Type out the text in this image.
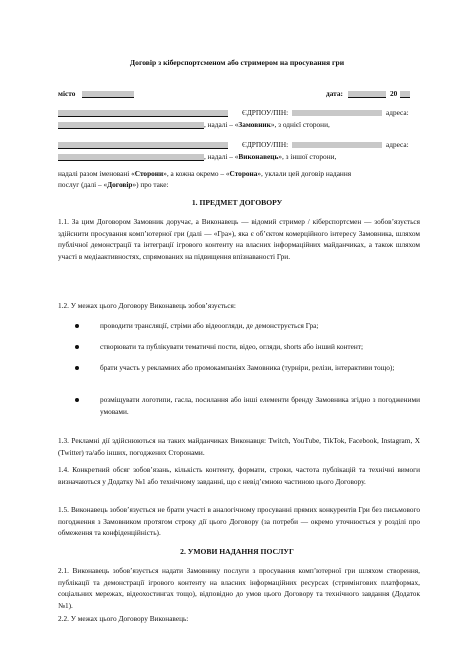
Договір з кіберспортсменом або стримером на просування гри
місто	дата:	20
ЄДРПОУ/ПІН:	адреса:
, надалі – «Замовник», з однієї сторони,
ЄДРПОУ/ПІН:	адреса:
, надалі – «Виконавець», з іншої сторони,
надалі разом іменовані «Сторони», а кожна окремо – «Сторона», уклали цей договір надання
послуг (далі – «Договір») про таке:
1. ПРЕДМЕТ ДОГОВОРУ
1.1. За цим Договором Замовник доручає, а Виконавець — відомий стример / кіберспортсмен — зобов’язується здійснити просування комп’ютерної гри (далі — «Гра»), яка є об’єктом комерційного інтересу Замовника, шляхом публічної демонстрації та інтеграції ігрового контенту на власних інформаційних майданчиках, а також шляхом участі в медіаактивностях, спрямованих на підвищення впізнаваності Гри.
1.2. У межах цього Договору Виконавець зобов’язується:
проводити трансляції, стріми або відеоогляди, де демонструється Гра;
створювати та публікувати тематичні пости, відео, огляди, shorts або інший контент;
брати участь у рекламних або промокампаніях Замовника (турніри, релізи, інтерактиви тощо);
розміщувати логотипи, гасла, посилання або інші елементи бренду Замовника згідно з погодженими умовами.
1.3. Рекламні дії здійснюються на таких майданчиках Виконавця: Twitch, YouTube, TikTok, Facebook, Instagram, X (Twitter) та/або інших, погоджених Сторонами.
1.4. Конкретний обсяг зобов’язань, кількість контенту, формати, строки, частота публікацій та технічні вимоги визначаються у Додатку №1 або технічному завданні, що є невід’ємною частиною цього Договору.
1.5. Виконавець зобов’язується не брати участі в аналогічному просуванні прямих конкурентів Гри без письмового погодження з Замовником протягом строку дії цього Договору (за потреби — окремо уточнюється у розділі про обмеження та конфіденційність).
2. УМОВИ НАДАННЯ ПОСЛУГ
2.1. Виконавець зобов’язується надати Замовнику послуги з просування комп’ютерної гри шляхом створення, публікації та демонстрації ігрового контенту на власних інформаційних ресурсах (стримінгових платформах, соціальних мережах, відеохостингах тощо), відповідно до умов цього Договору та технічного завдання (Додаток №1).
2.2. У межах цього Договору Виконавець:
